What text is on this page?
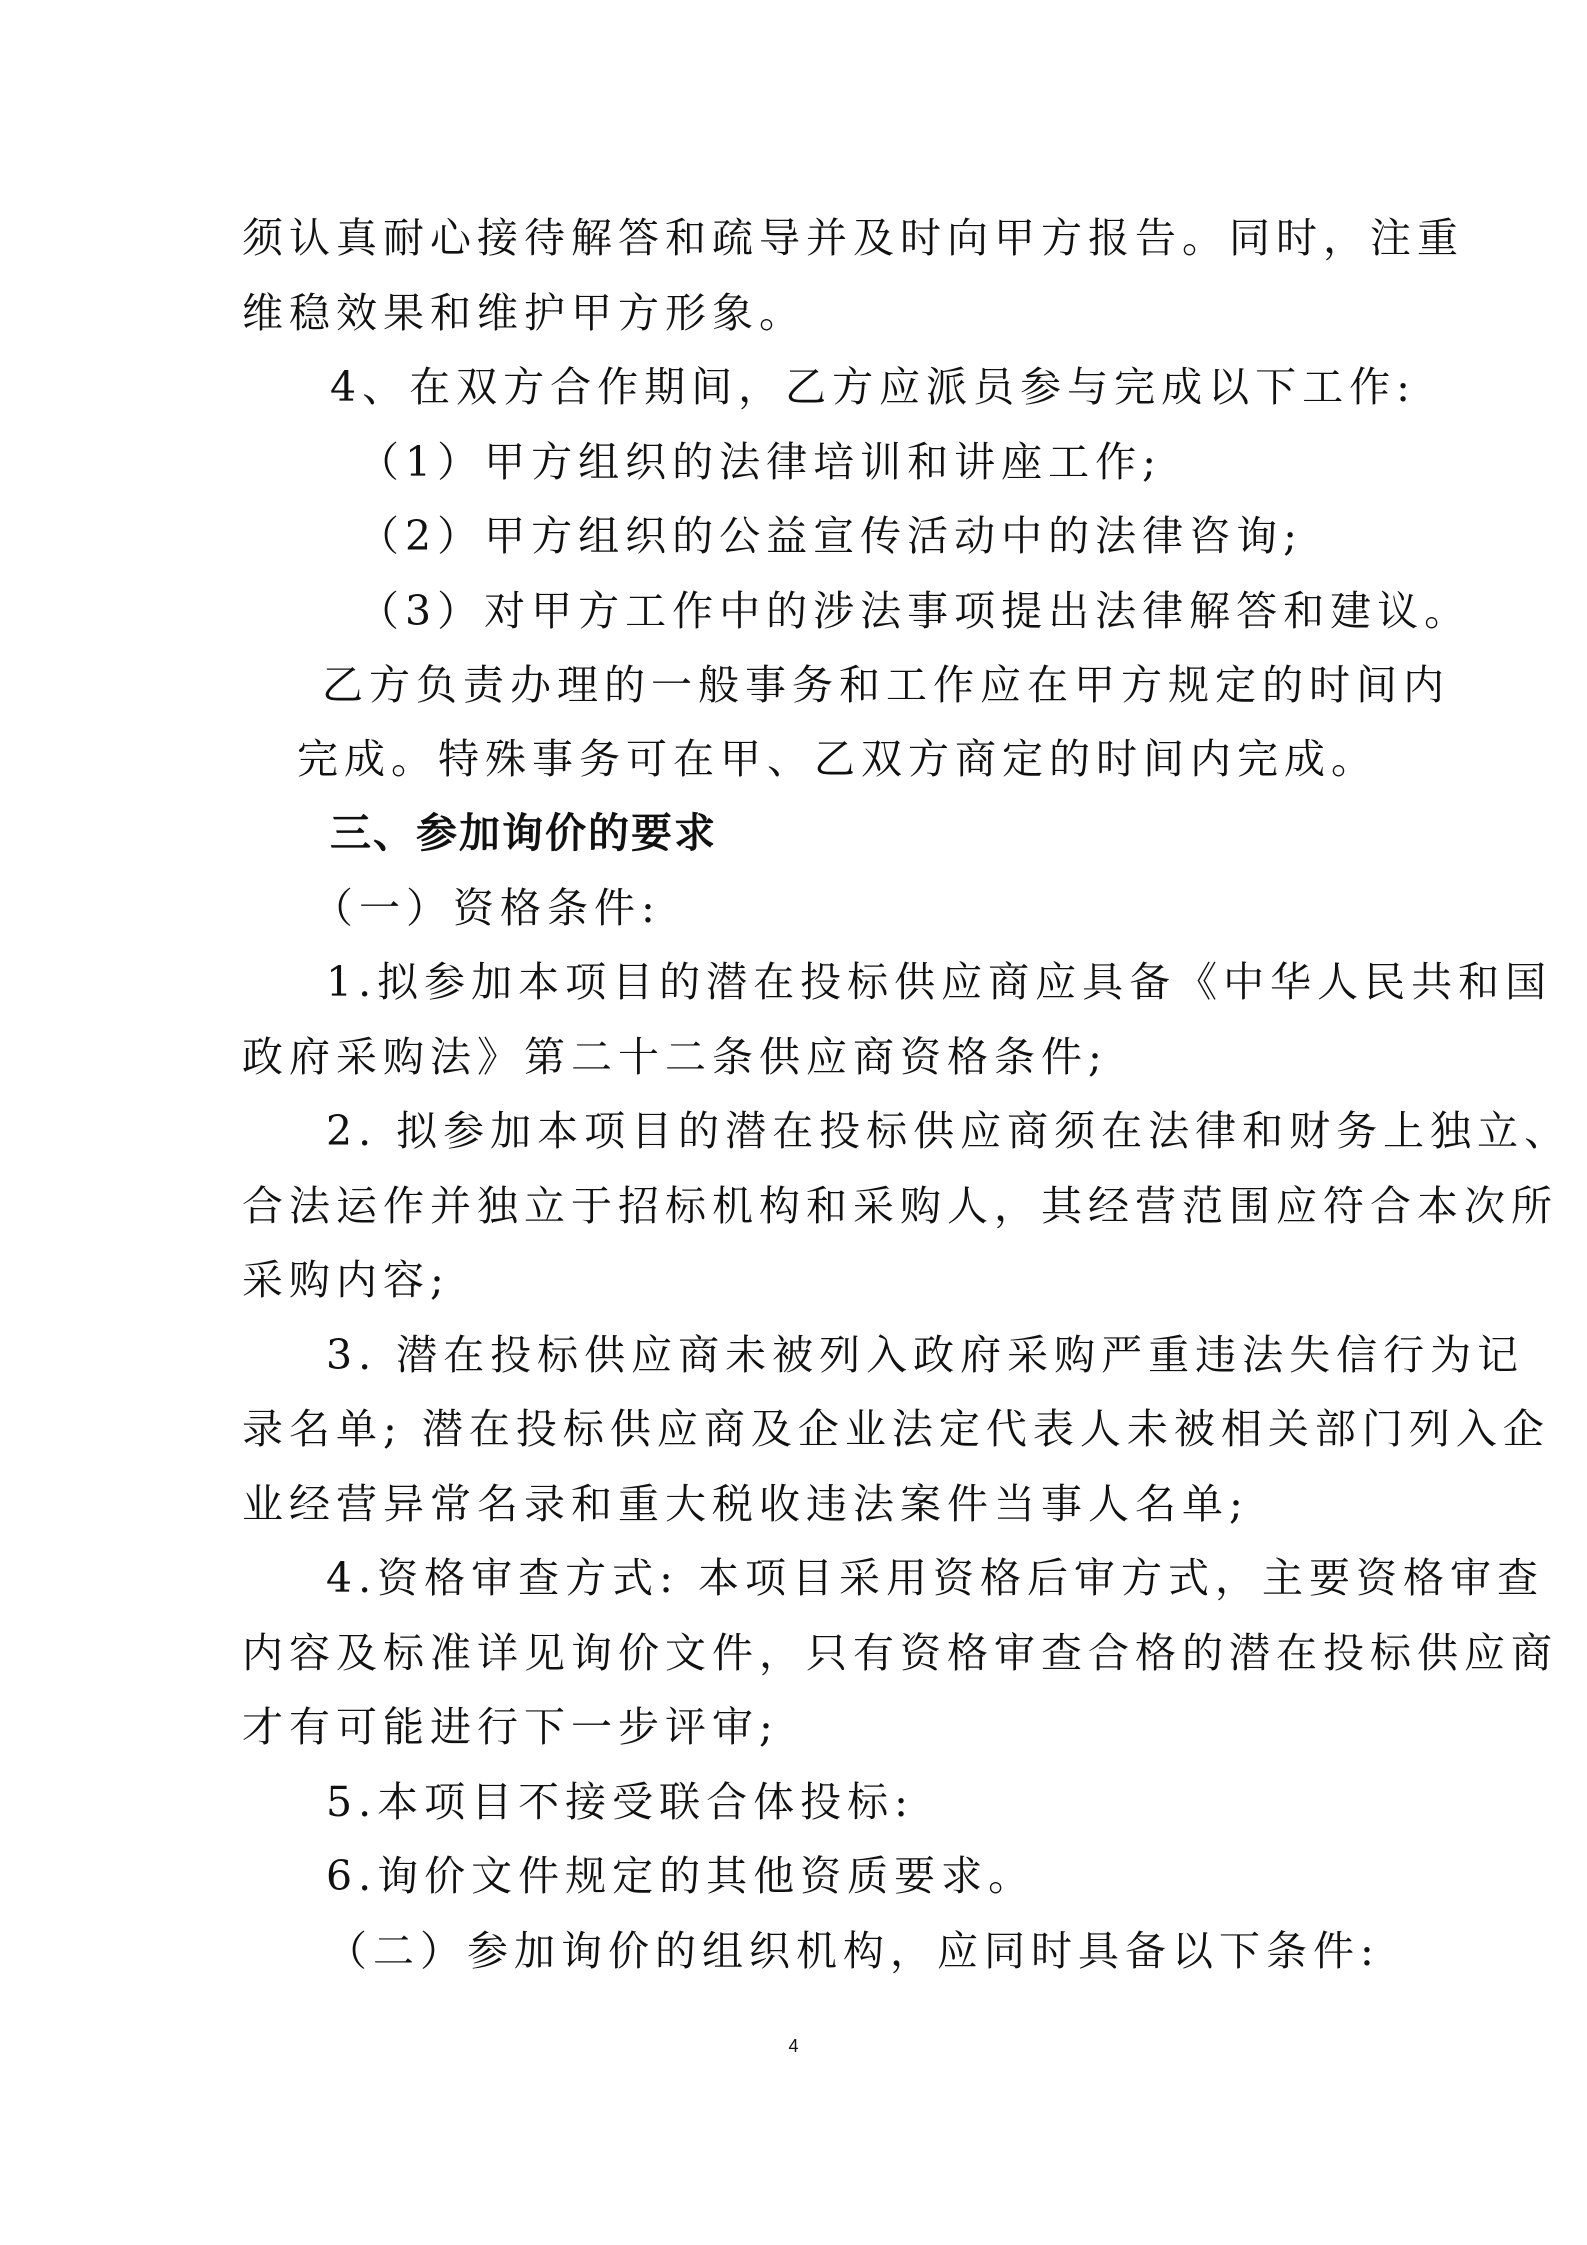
须认真耐心接待解答和疏导并及时向甲方报告。同时，注重
维稳效果和维护甲方形象。
4、在双方合作期间，乙方应派员参与完成以下工作:
（1）甲方组织的法律培训和讲座工作;
（2）甲方组织的公益宣传活动中的法律咨询;
（3）对甲方工作中的涉法事项提出法律解答和建议。
乙方负责办理的一般事务和工作应在甲方规定的时间内
完成。特殊事务可在甲、乙双方商定的时间内完成。
三、参加询价的要求
（一）资格条件:
1.拟参加本项目的潜在投标供应商应具备《中华人民共和国
政府采购法》第二十二条供应商资格条件;
2. 拟参加本项目的潜在投标供应商须在法律和财务上独立、
合法运作并独立于招标机构和采购人，其经营范围应符合本次所
采购内容;
3. 潜在投标供应商未被列入政府采购严重违法失信行为记
录名单; 潜在投标供应商及企业法定代表人未被相关部门列入企
业经营异常名录和重大税收违法案件当事人名单;
4.资格审查方式: 本项目采用资格后审方式，主要资格审查
内容及标准详见询价文件，只有资格审查合格的潜在投标供应商
才有可能进行下一步评审;
5.本项目不接受联合体投标:
6.询价文件规定的其他资质要求。
（二）参加询价的组织机构，应同时具备以下条件:
4
